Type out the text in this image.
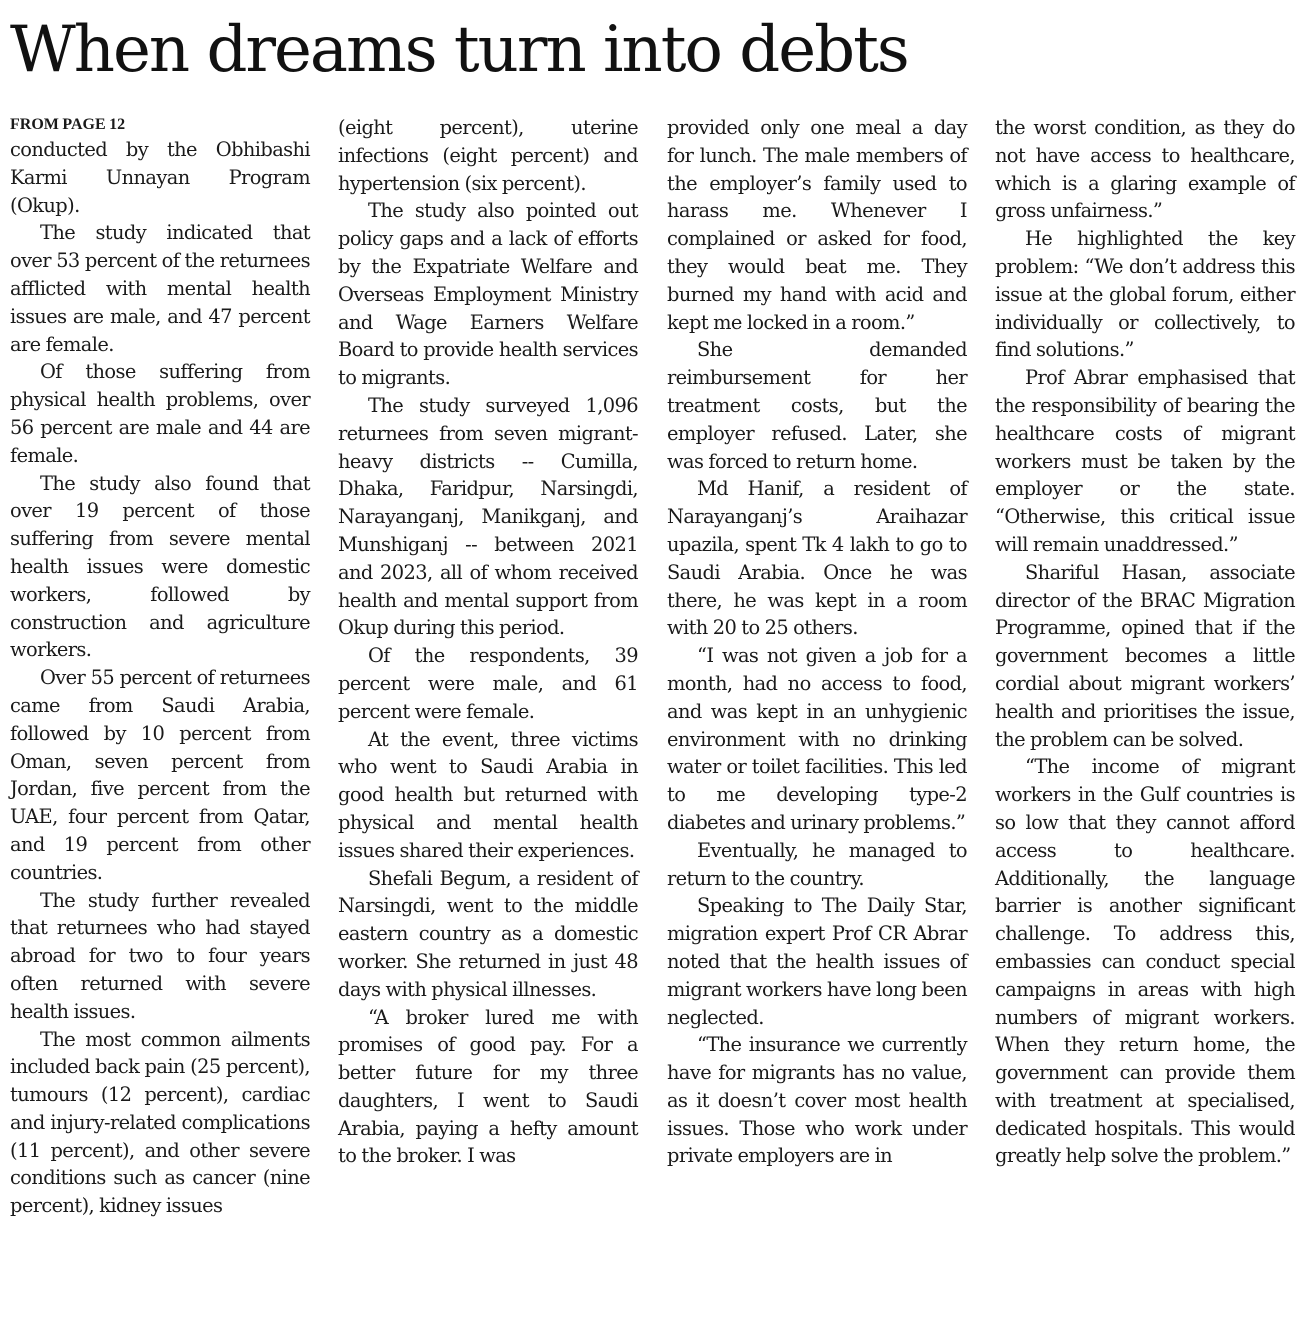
When dreams turn into debts
FROM PAGE 12

conducted by the Obhibashi Karmi Unnayan Program (Okup).

The study indicated that over 53 percent of the returnees afflicted with mental health issues are male, and 47 percent are female.

Of those suffering from physical health problems, over 56 percent are male and 44 are female.

The study also found that over 19 percent of those suffering from severe mental health issues were domestic workers, followed by construction and agriculture workers.

Over 55 percent of returnees came from Saudi Arabia, followed by 10 percent from Oman, seven percent from Jordan, five percent from the UAE, four percent from Qatar, and 19 percent from other countries.

The study further revealed that returnees who had stayed abroad for two to four years often returned with severe health issues.

The most common ailments included back pain (25 percent), tumours (12 percent), cardiac and injury-related complications (11 percent), and other severe conditions such as cancer (nine percent), kidney issues

(eight percent), uterine infections (eight percent) and hypertension (six percent).

The study also pointed out policy gaps and a lack of efforts by the Expatriate Welfare and Overseas Employment Ministry and Wage Earners Welfare Board to provide health services to migrants.

The study surveyed 1,096 returnees from seven migrant-heavy districts -- Cumilla, Dhaka, Faridpur, Narsingdi, Narayanganj, Manikganj, and Munshiganj -- between 2021 and 2023, all of whom received health and mental support from Okup during this period.

Of the respondents, 39 percent were male, and 61 percent were female.

At the event, three victims who went to Saudi Arabia in good health but returned with physical and mental health issues shared their experiences.

Shefali Begum, a resident of Narsingdi, went to the middle eastern country as a domestic worker. She returned in just 48 days with physical illnesses.

“A broker lured me with promises of good pay. For a better future for my three daughters, I went to Saudi Arabia, paying a hefty amount to the broker. I was

provided only one meal a day for lunch. The male members of the employer’s family used to harass me. Whenever I complained or asked for food, they would beat me. They burned my hand with acid and kept me locked in a room.”

She demanded reimbursement for her treatment costs, but the employer refused. Later, she was forced to return home.

Md Hanif, a resident of Narayanganj’s Araihazar upazila, spent Tk 4 lakh to go to Saudi Arabia. Once he was there, he was kept in a room with 20 to 25 others.

“I was not given a job for a month, had no access to food, and was kept in an unhygienic environment with no drinking water or toilet facilities. This led to me developing type-2 diabetes and urinary problems.”

Eventually, he managed to return to the country.

Speaking to The Daily Star, migration expert Prof CR Abrar noted that the health issues of migrant workers have long been neglected.

“The insurance we currently have for migrants has no value, as it doesn’t cover most health issues. Those who work under private employers are in

the worst condition, as they do not have access to healthcare, which is a glaring example of gross unfairness.”

He highlighted the key problem: “We don’t address this issue at the global forum, either individually or collectively, to find solutions.”

Prof Abrar emphasised that the responsibility of bearing the healthcare costs of migrant workers must be taken by the employer or the state. “Otherwise, this critical issue will remain unaddressed.”

Shariful Hasan, associate director of the BRAC Migration Programme, opined that if the government becomes a little cordial about migrant workers’ health and prioritises the issue, the problem can be solved.

“The income of migrant workers in the Gulf countries is so low that they cannot afford access to healthcare. Additionally, the language barrier is another significant challenge. To address this, embassies can conduct special campaigns in areas with high numbers of migrant workers. When they return home, the government can provide them with treatment at specialised, dedicated hospitals. This would greatly help solve the problem.”
